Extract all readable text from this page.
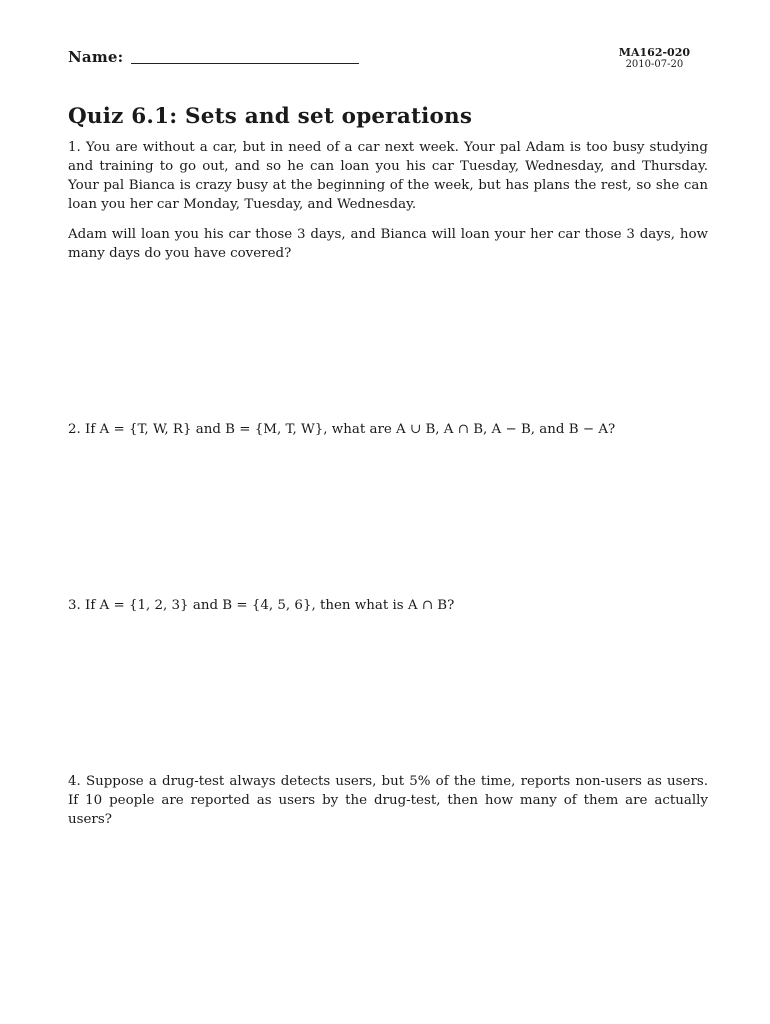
Name:	MA162-020
2010-07-20
Quiz 6.1: Sets and set operations

1. You are without a car, but in need of a car next week. Your pal Adam is too busy studying and training to go out, and so he can loan you his car Tuesday, Wednesday, and Thursday. Your pal Bianca is crazy busy at the beginning of the week, but has plans the rest, so she can loan you her car Monday, Tuesday, and Wednesday.

Adam will loan you his car those 3 days, and Bianca will loan your her car those 3 days, how many days do you have covered?

2. If A = {T, W, R} and B = {M, T, W}, what are A ∪ B, A ∩ B, A − B, and B − A?

3. If A = {1, 2, 3} and B = {4, 5, 6}, then what is A ∩ B?

4. Suppose a drug-test always detects users, but 5% of the time, reports non-users as users. If 10 people are reported as users by the drug-test, then how many of them are actually users?
